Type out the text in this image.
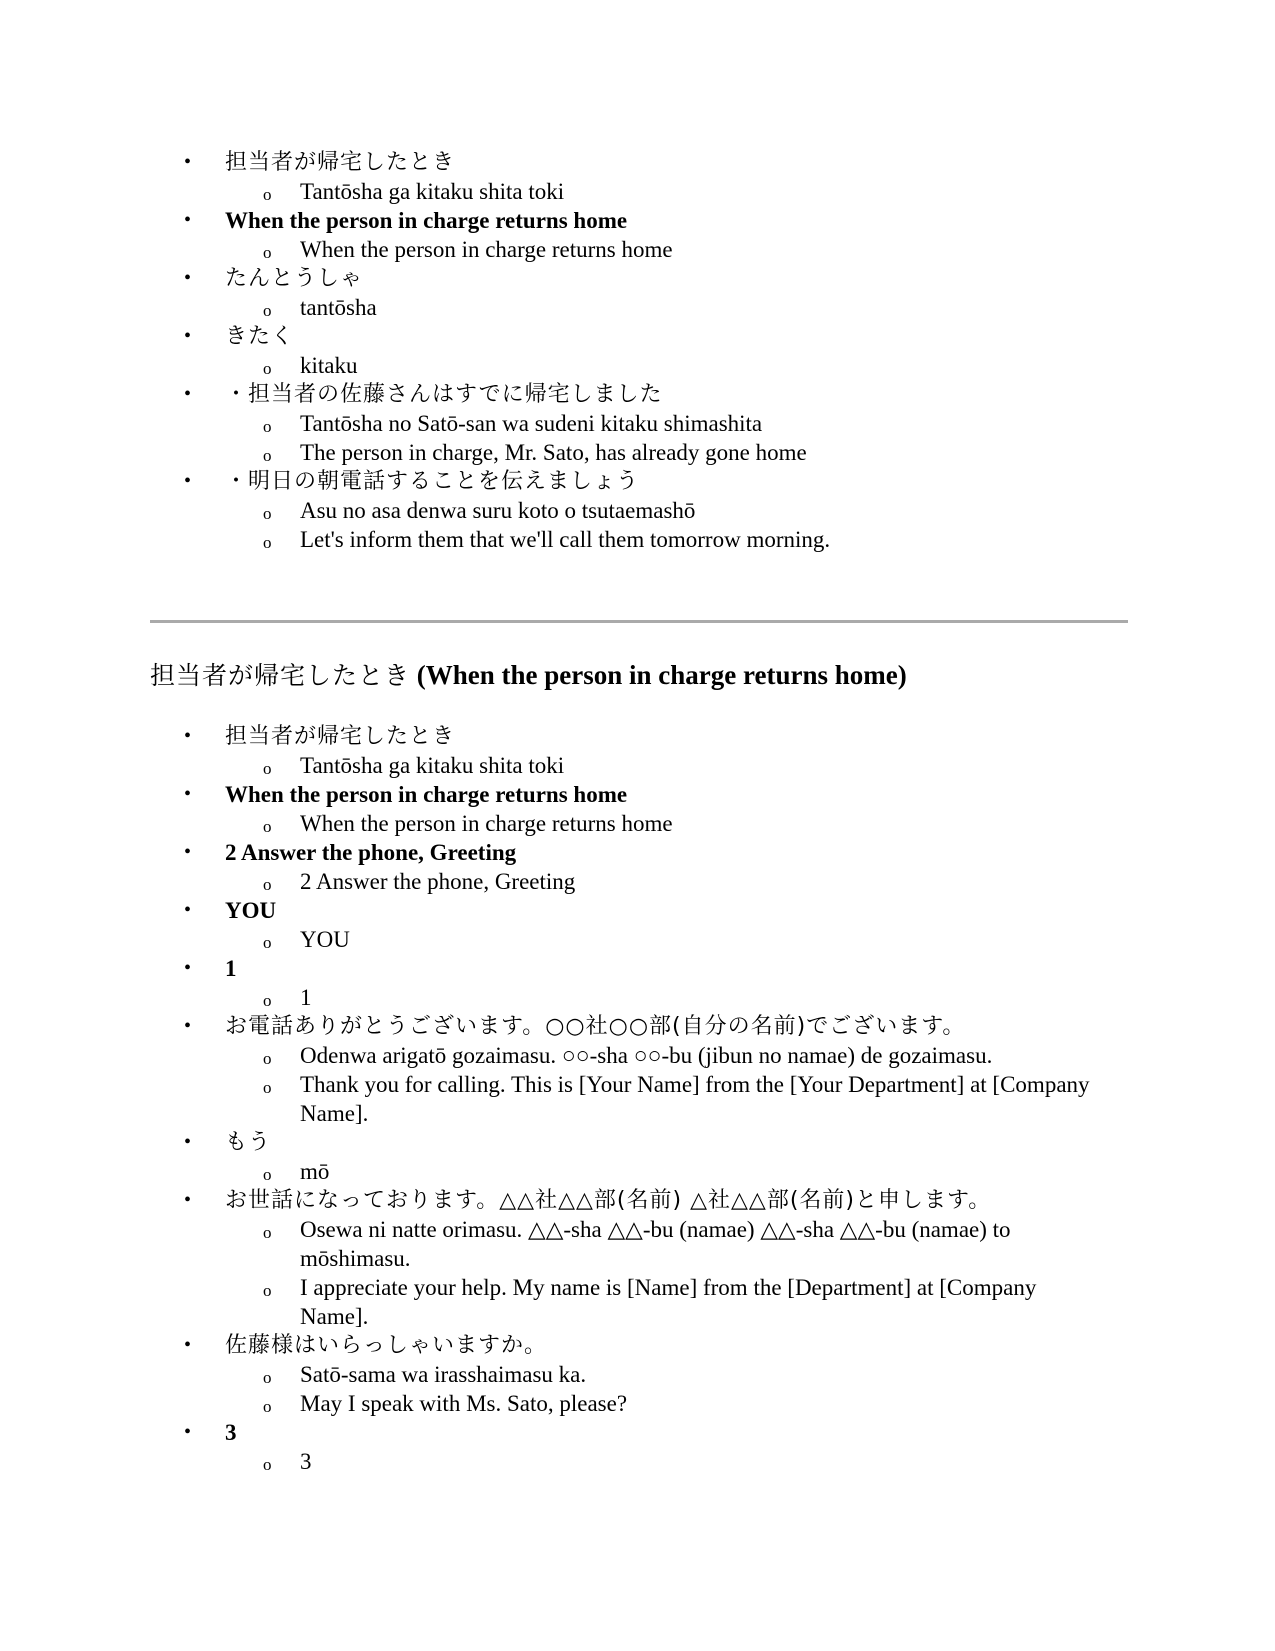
• 担当者が帰宅したとき
o Tantōsha ga kitaku shita toki
• When the person in charge returns home
o When the person in charge returns home
• たんとうしゃ
o tantōsha
• きたく
o kitaku
• ・担当者の佐藤さんはすでに帰宅しました
o Tantōsha no Satō-san wa sudeni kitaku shimashita
o The person in charge, Mr. Sato, has already gone home
• ・明日の朝電話することを伝えましょう
o Asu no asa denwa suru koto o tsutaemashō
o Let's inform them that we'll call them tomorrow morning.
担当者が帰宅したとき (When the person in charge returns home)
• 担当者が帰宅したとき
o Tantōsha ga kitaku shita toki
• When the person in charge returns home
o When the person in charge returns home
• 2 Answer the phone, Greeting
o 2 Answer the phone, Greeting
• YOU
o YOU
• 1
o 1
• お電話ありがとうございます。○○社○○部(自分の名前)でございます。
o Odenwa arigatō gozaimasu. ○○-sha ○○-bu (jibun no namae) de gozaimasu.
o Thank you for calling. This is [Your Name] from the [Your Department] at [Company Name].
• もう
o mō
• お世話になっております。△△社△△部(名前) △社△△部(名前)と申します。
o Osewa ni natte orimasu. △△-sha △△-bu (namae) △△-sha △△-bu (namae) to mōshimasu.
o I appreciate your help. My name is [Name] from the [Department] at [Company Name].
• 佐藤様はいらっしゃいますか。
o Satō-sama wa irasshaimasu ka.
o May I speak with Ms. Sato, please?
• 3
o 3
